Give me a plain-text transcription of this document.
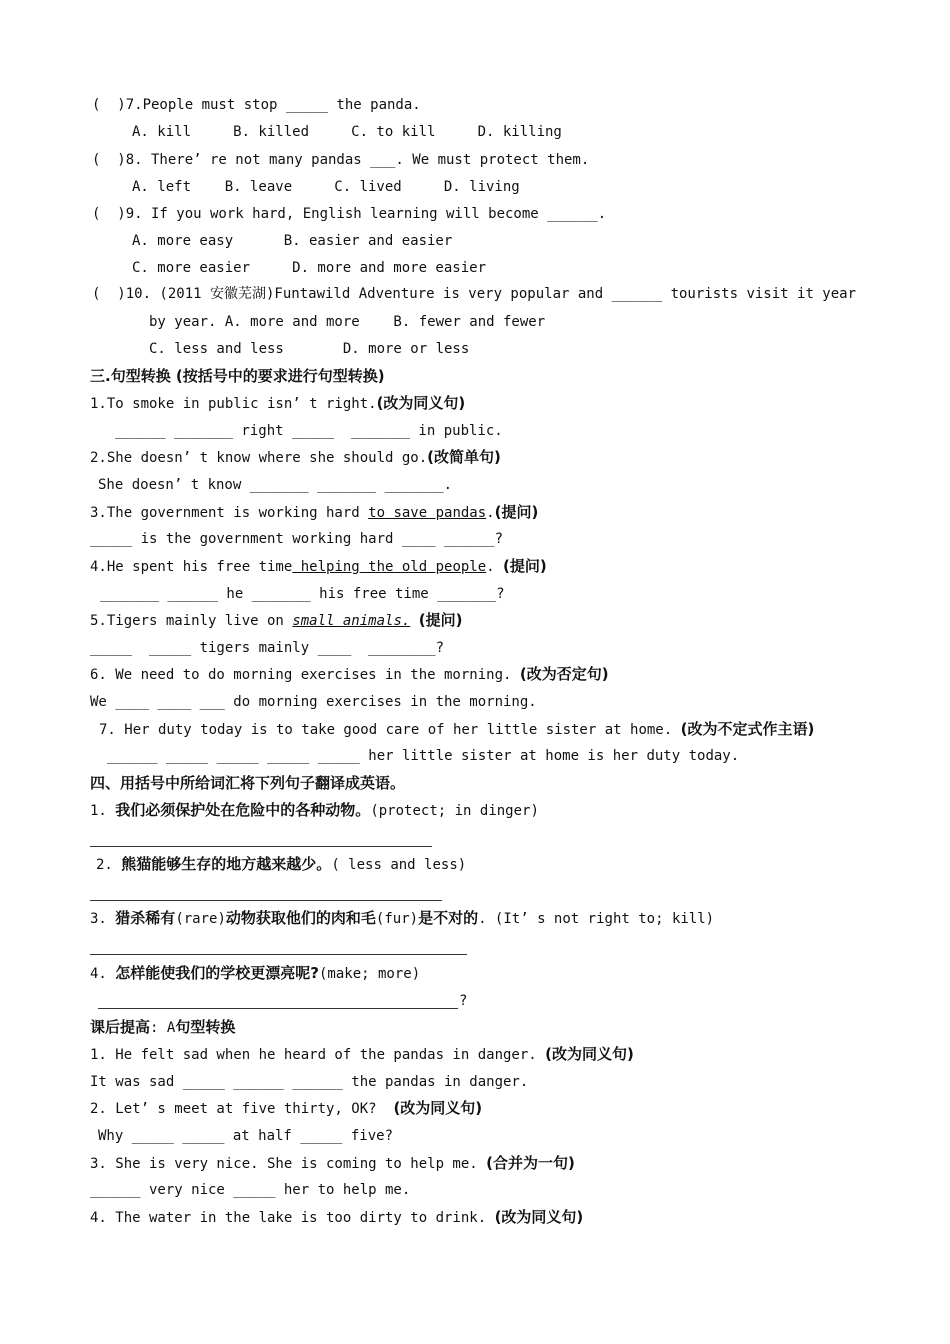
(  )7.People must stop _____ the panda.
A. kill     B. killed     C. to kill     D. killing
(  )8. There’ re not many pandas ___. We must protect them.
A. left    B. leave     C. lived     D. living
(  )9. If you work hard, English learning will become ______.
A. more easy      B. easier and easier
C. more easier     D. more and more easier
(  )10. (2011 安徽芜湖)Funtawild Adventure is very popular and ______ tourists visit it year
by year. A. more and more    B. fewer and fewer
C. less and less       D. more or less
三.句型转换 (按括号中的要求进行句型转换)
1.To smoke in public isn’ t right.(改为同义句)
______ _______ right _____  _______ in public.
2.She doesn’ t know where she should go.(改简单句)
She doesn’ t know _______ _______ _______.
3.The government is working hard to save pandas.(提问)
_____ is the government working hard ____ ______?
4.He spent his free time helping the old people. (提问)
_______ ______ he _______ his free time _______?
5.Tigers mainly live on small animals. (提问)
_____  _____ tigers mainly ____  ________?
6. We need to do morning exercises in the morning. (改为否定句)
We ____ ____ ___ do morning exercises in the morning.
7. Her duty today is to take good care of her little sister at home. (改为不定式作主语)
______ _____ _____ _____ _____ her little sister at home is her duty today.
四、用括号中所给词汇将下列句子翻译成英语。
1. 我们必须保护处在危险中的各种动物。(protect; in dinger)
2. 熊猫能够生存的地方越来越少。( less and less)
3. 猎杀稀有(rare)动物获取他们的肉和毛(fur)是不对的. (It’ s not right to; kill)
4. 怎样能使我们的学校更漂亮呢?(make; more)
?
课后提高: A句型转换
1. He felt sad when he heard of the pandas in danger. (改为同义句)
It was sad _____ ______ ______ the pandas in danger.
2. Let’ s meet at five thirty, OK?  (改为同义句)
Why _____ _____ at half _____ five?
3. She is very nice. She is coming to help me. (合并为一句)
______ very nice _____ her to help me.
4. The water in the lake is too dirty to drink. (改为同义句)
